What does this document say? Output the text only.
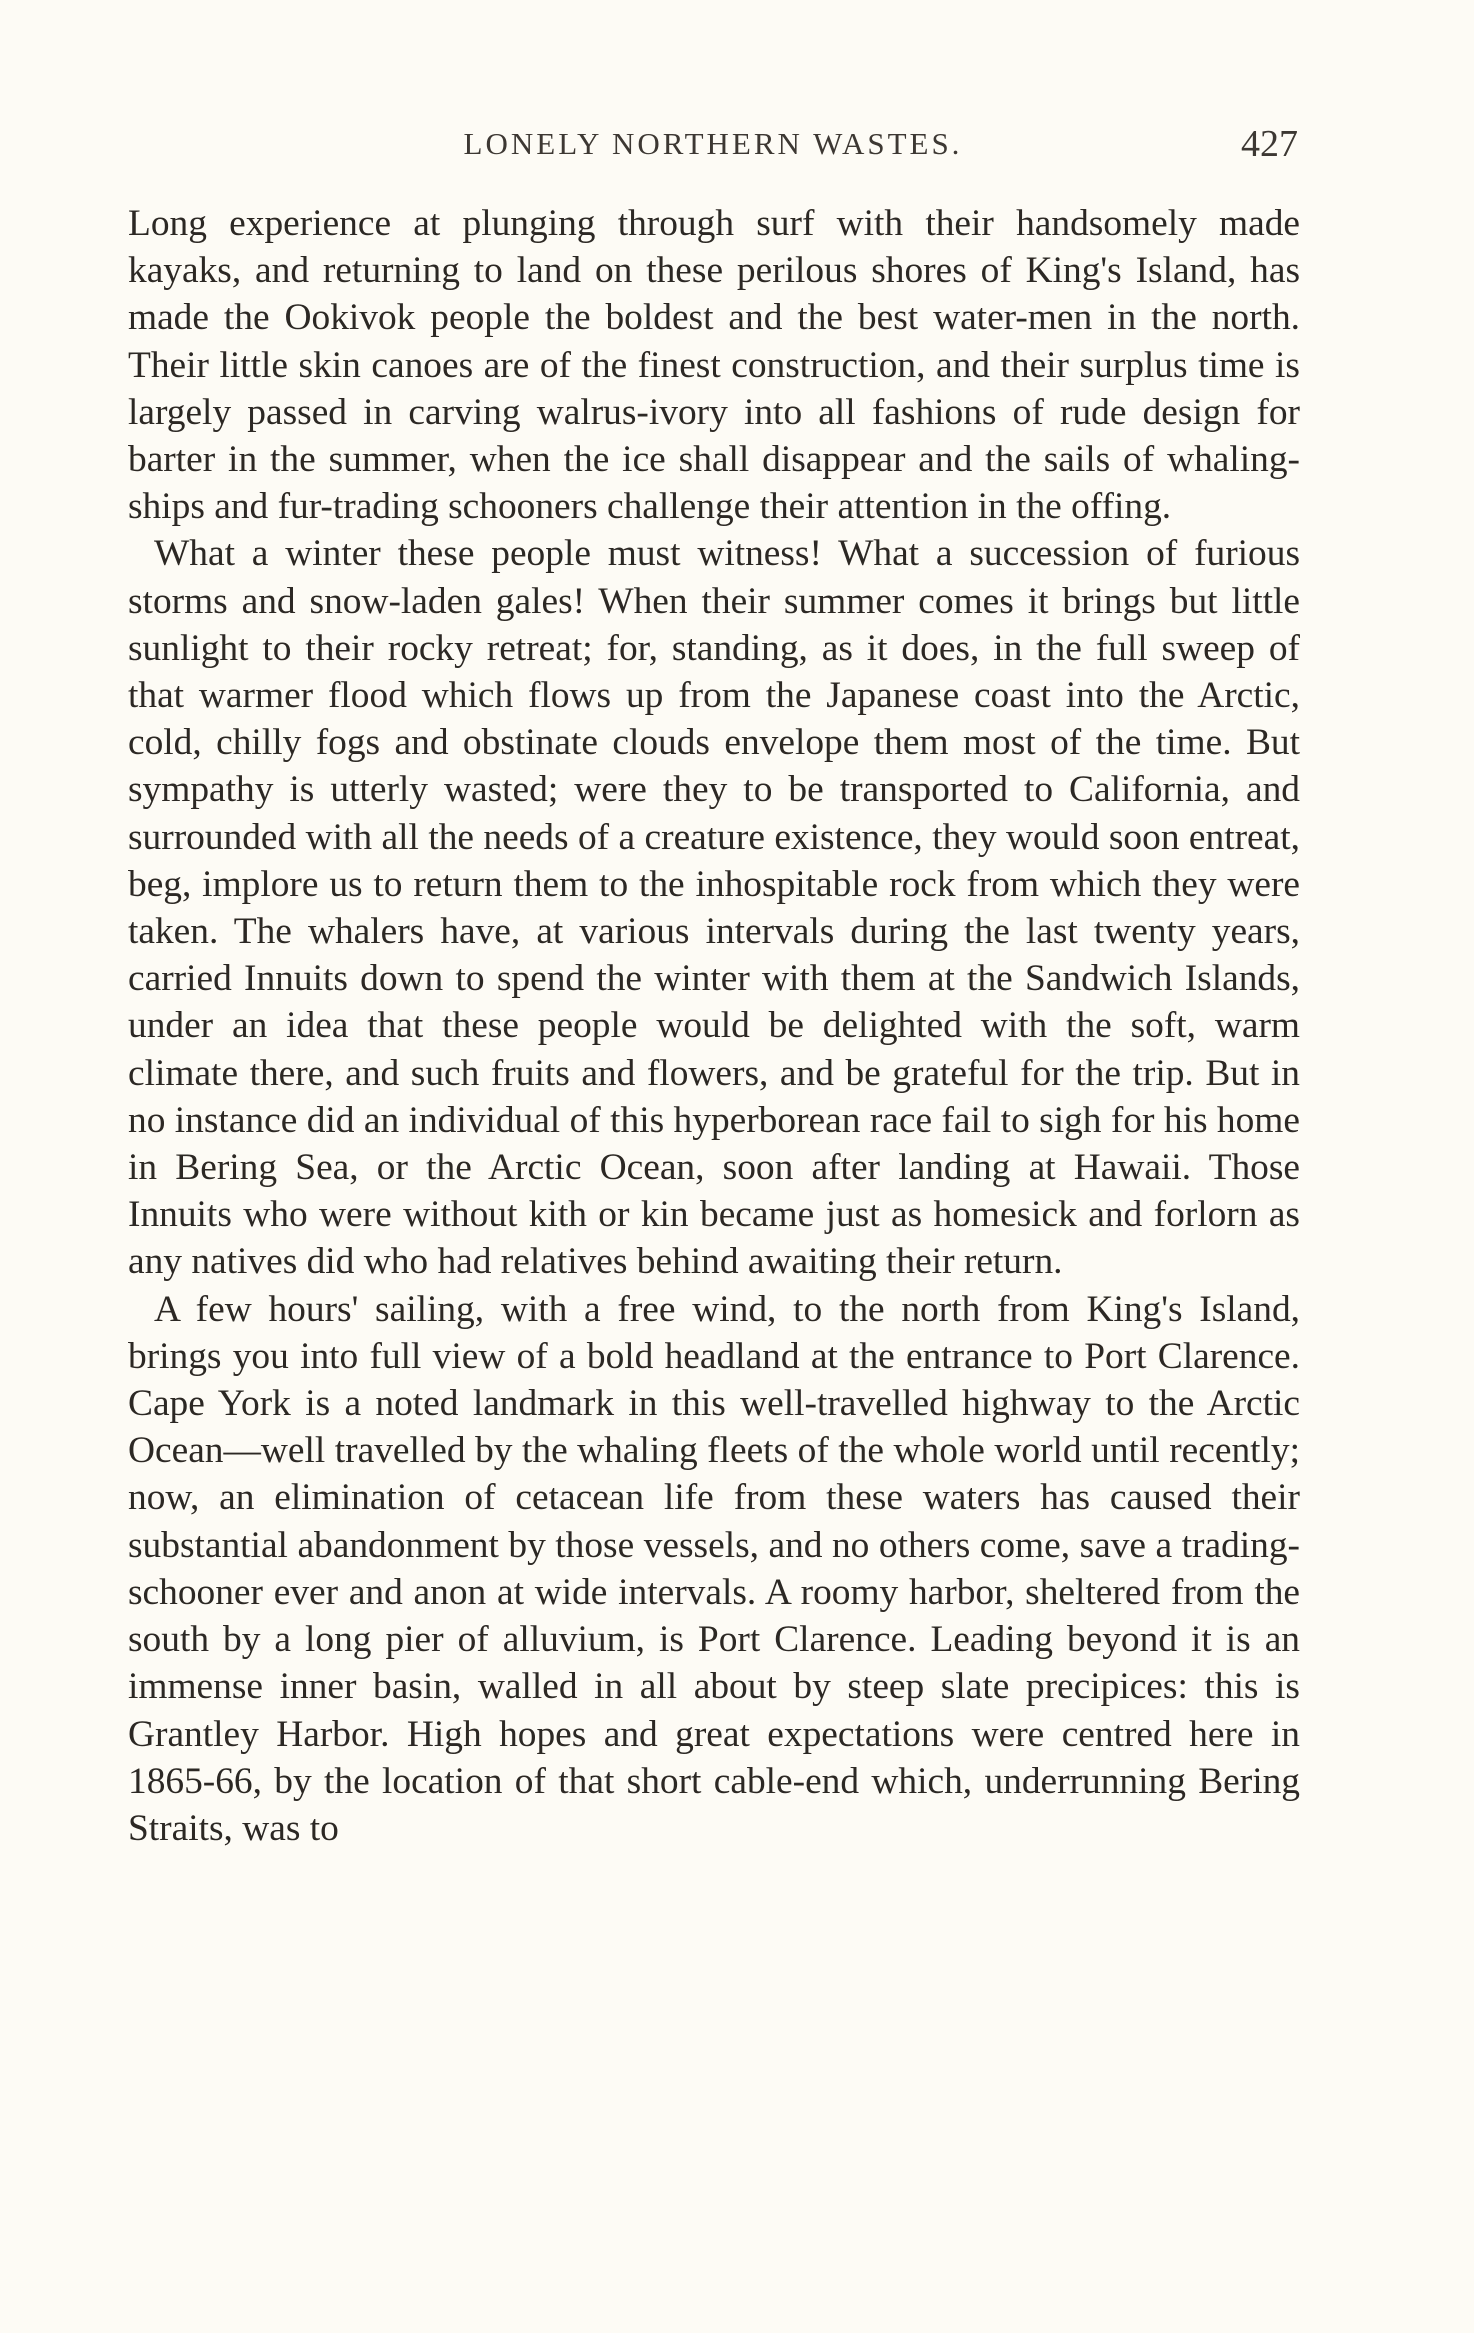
LONELY NORTHERN WASTES.	427

Long experience at plunging through surf with their handsomely made kayaks, and returning to land on these perilous shores of King's Island, has made the Ookivok people the boldest and the best water-men in the north. Their little skin canoes are of the finest construction, and their surplus time is largely passed in carving walrus-ivory into all fashions of rude design for barter in the summer, when the ice shall disappear and the sails of whaling-ships and fur-trading schooners challenge their attention in the offing.

What a winter these people must witness! What a succession of furious storms and snow-laden gales! When their summer comes it brings but little sunlight to their rocky retreat; for, standing, as it does, in the full sweep of that warmer flood which flows up from the Japanese coast into the Arctic, cold, chilly fogs and obstinate clouds envelope them most of the time. But sympathy is utterly wasted; were they to be transported to California, and surrounded with all the needs of a creature existence, they would soon entreat, beg, implore us to return them to the inhospitable rock from which they were taken. The whalers have, at various intervals during the last twenty years, carried Innuits down to spend the winter with them at the Sandwich Islands, under an idea that these people would be delighted with the soft, warm climate there, and such fruits and flowers, and be grateful for the trip. But in no instance did an individual of this hyperborean race fail to sigh for his home in Bering Sea, or the Arctic Ocean, soon after landing at Hawaii. Those Innuits who were without kith or kin became just as homesick and forlorn as any natives did who had relatives behind awaiting their return.

A few hours' sailing, with a free wind, to the north from King's Island, brings you into full view of a bold headland at the entrance to Port Clarence. Cape York is a noted landmark in this well-travelled highway to the Arctic Ocean—well travelled by the whaling fleets of the whole world until recently; now, an elimination of cetacean life from these waters has caused their substantial abandonment by those vessels, and no others come, save a trading-schooner ever and anon at wide intervals. A roomy harbor, sheltered from the south by a long pier of alluvium, is Port Clarence. Leading beyond it is an immense inner basin, walled in all about by steep slate precipices: this is Grantley Harbor. High hopes and great expectations were centred here in 1865-66, by the location of that short cable-end which, underrunning Bering Straits, was to
